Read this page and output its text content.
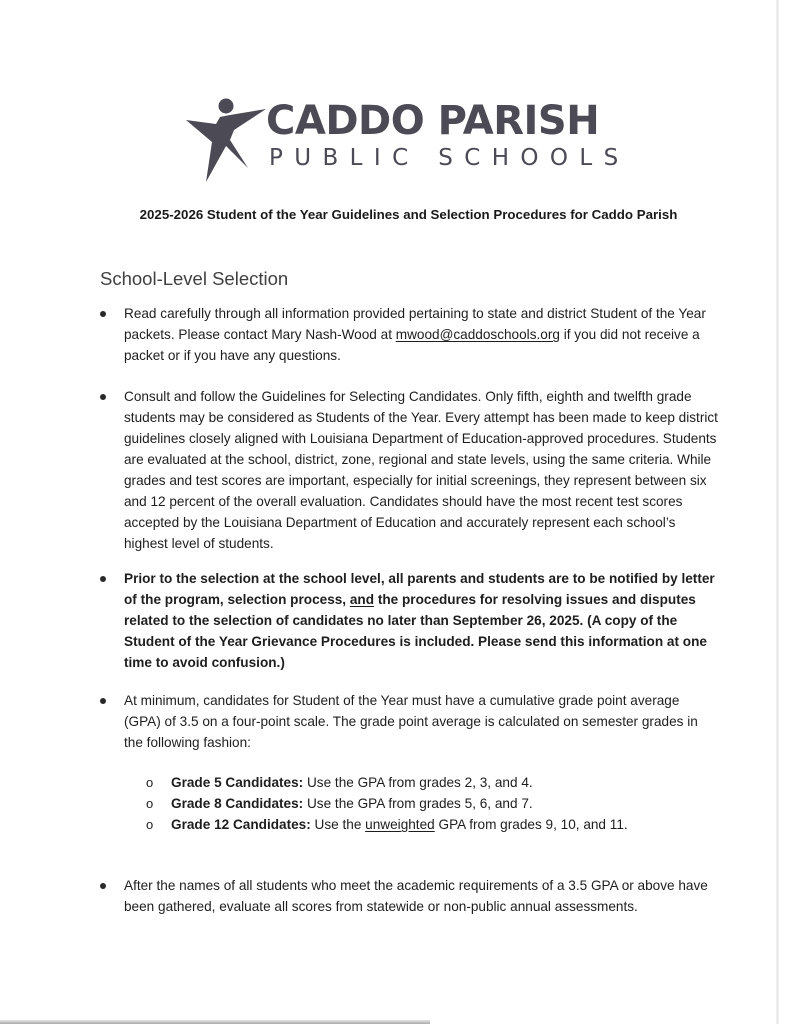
CADDO PARISH
PUBLIC SCHOOLS
2025-2026 Student of the Year Guidelines and Selection Procedures for Caddo Parish
School-Level Selection
Read carefully through all information provided pertaining to state and district Student of the Year packets. Please contact Mary Nash-Wood at mwood@caddoschools.org if you did not receive a packet or if you have any questions.
Consult and follow the Guidelines for Selecting Candidates. Only fifth, eighth and twelfth grade students may be considered as Students of the Year. Every attempt has been made to keep district guidelines closely aligned with Louisiana Department of Education-approved procedures. Students are evaluated at the school, district, zone, regional and state levels, using the same criteria. While grades and test scores are important, especially for initial screenings, they represent between six and 12 percent of the overall evaluation. Candidates should have the most recent test scores accepted by the Louisiana Department of Education and accurately represent each school’s highest level of students.
Prior to the selection at the school level, all parents and students are to be notified by letter of the program, selection process, and the procedures for resolving issues and disputes related to the selection of candidates no later than September 26, 2025. (A copy of the Student of the Year Grievance Procedures is included. Please send this information at one time to avoid confusion.)
At minimum, candidates for Student of the Year must have a cumulative grade point average (GPA) of 3.5 on a four-point scale. The grade point average is calculated on semester grades in the following fashion:
o Grade 5 Candidates: Use the GPA from grades 2, 3, and 4.
o Grade 8 Candidates: Use the GPA from grades 5, 6, and 7.
o Grade 12 Candidates: Use the unweighted GPA from grades 9, 10, and 11.
After the names of all students who meet the academic requirements of a 3.5 GPA or above have been gathered, evaluate all scores from statewide or non-public annual assessments.
